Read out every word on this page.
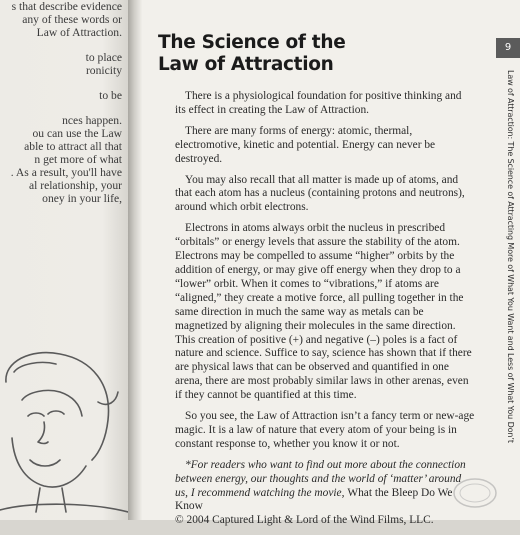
s that describe evidence
any of these words or
Law of Attraction.
to place
ronicity
to be
nces happen.
ou can use the Law
able to attract all that
n get more of what
. As a result, you'll have
al relationship, your
oney in your life,
The Science of the
Law of Attraction

There is a physiological foundation for positive thinking and its effect in creating the Law of Attraction.

There are many forms of energy: atomic, thermal, electromotive, kinetic and potential. Energy can never be destroyed.

You may also recall that all matter is made up of atoms, and that each atom has a nucleus (containing protons and neutrons), around which orbit electrons.

Electrons in atoms always orbit the nucleus in prescribed “orbitals” or energy levels that assure the stability of the atom. Electrons may be compelled to assume “higher” orbits by the addition of energy, or may give off energy when they drop to a “lower” orbit. When it comes to “vibrations,” if atoms are “aligned,” they create a motive force, all pulling together in the same direction in much the same way as metals can be magnetized by aligning their molecules in the same direction. This creation of positive (+) and negative (–) poles is a fact of nature and science. Suffice to say, science has shown that if there are physical laws that can be observed and quantified in one arena, there are most probably similar laws in other arenas, even if they cannot be quantified at this time.

So you see, the Law of Attraction isn’t a fancy term or new-age magic. It is a law of nature that every atom of your being is in constant response to, whether you know it or not.

*For readers who want to find out more about the connection between energy, our thoughts and the world of ‘matter’ around us, I recommend watching the movie, What the Bleep Do We Know
© 2004 Captured Light & Lord of the Wind Films, LLC.

9
Law of Attraction: The Science of Attracting More of What You Want and Less of What You Don’t
